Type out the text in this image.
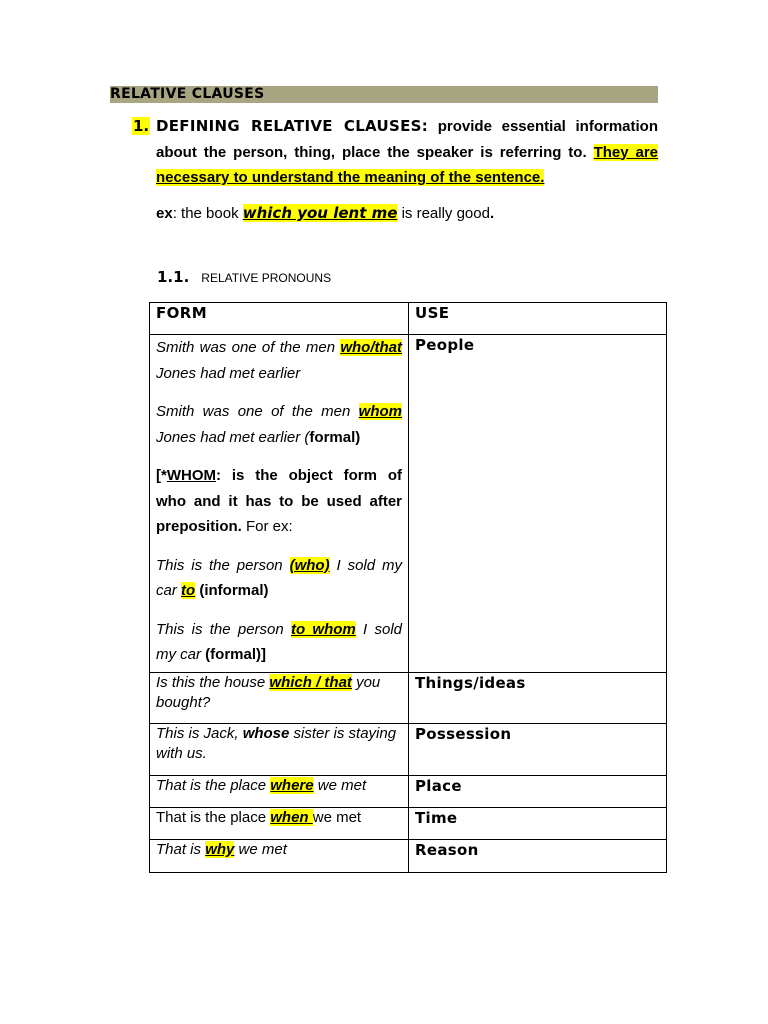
RELATIVE CLAUSES
1. DEFINING RELATIVE CLAUSES: provide essential information about the person, thing, place the speaker is referring to. They are necessary to understand the meaning of the sentence.
ex: the book which you lent me is really good.
1.1. RELATIVE PRONOUNS
FORM	USE

Smith was one of the men who/that Jones had met earlier
Smith was one of the men whom Jones had met earlier (formal)
[*WHOM: is the object form of who and it has to be used after preposition. For ex:
This is the person (who) I sold my car to (informal)
This is the person to whom I sold my car (formal)]	People
Is this the house which / that you bought?	Things/ideas
This is Jack, whose sister is staying with us.	Possession
That is the place where we met	Place
That is the place when we met	Time
That is why we met	Reason
